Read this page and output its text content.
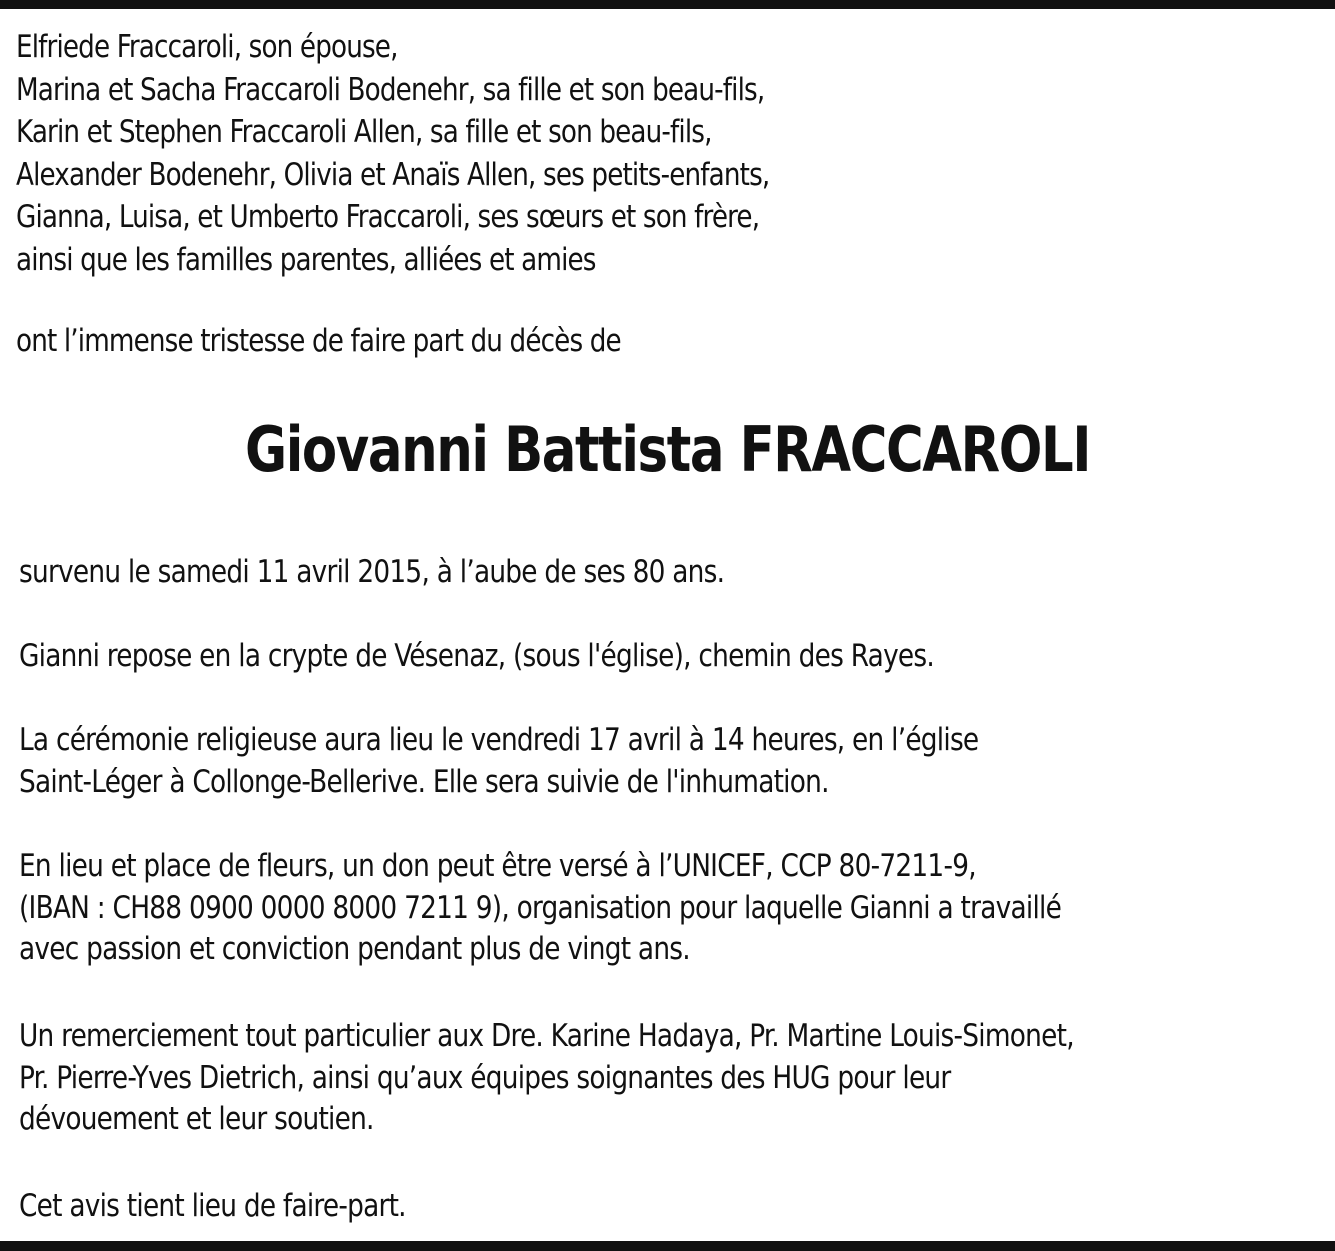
Elfriede Fraccaroli, son épouse,
Marina et Sacha Fraccaroli Bodenehr, sa fille et son beau-fils,
Karin et Stephen Fraccaroli Allen, sa fille et son beau-fils,
Alexander Bodenehr, Olivia et Anaïs Allen, ses petits-enfants,
Gianna, Luisa, et Umberto Fraccaroli, ses sœurs et son frère,
ainsi que les familles parentes, alliées et amies
ont l’immense tristesse de faire part du décès de
Giovanni Battista FRACCAROLI
survenu le samedi 11 avril 2015, à l’aube de ses 80 ans.
Gianni repose en la crypte de Vésenaz, (sous l'église), chemin des Rayes.
La cérémonie religieuse aura lieu le vendredi 17 avril à 14 heures, en l’église
Saint-Léger à Collonge-Bellerive. Elle sera suivie de l'inhumation.
En lieu et place de fleurs, un don peut être versé à l’UNICEF, CCP 80-7211-9,
(IBAN : CH88 0900 0000 8000 7211 9), organisation pour laquelle Gianni a travaillé
avec passion et conviction pendant plus de vingt ans.
Un remerciement tout particulier aux Dre. Karine Hadaya, Pr. Martine Louis-Simonet,
Pr. Pierre-Yves Dietrich, ainsi qu’aux équipes soignantes des HUG pour leur
dévouement et leur soutien.
Cet avis tient lieu de faire-part.
